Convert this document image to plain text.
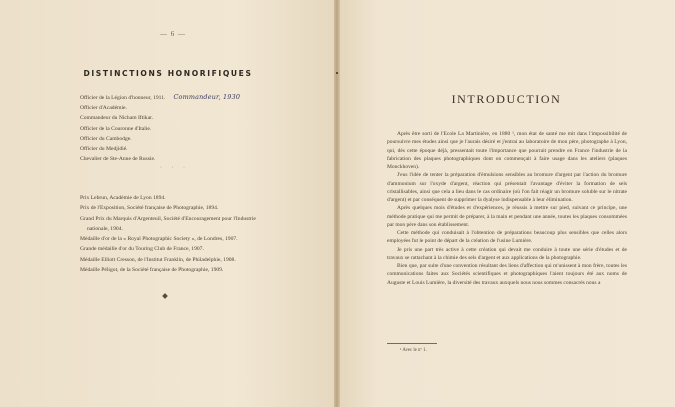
— 6 —
DISTINCTIONS HONORIFIQUES
Officier de la Légion d'honneur, 1911. Commandeur, 1930
Officier d'Académie.
Commandeur du Nicham Iftikar.
Officier de la Couronne d'Italie.
Officier du Cambodge.
Officier du Medjidié.
Chevalier de Ste-Anne de Russie.
· · ·
Prix Lebrun, Académie de Lyon 1894.
Prix de l'Exposition, Société française de Photographie, 1894.
Grand Prix du Marquis d'Argenteuil, Société d'Encouragement pour l'Industrie
nationale, 1904.
Médaille d'or de la « Royal Photographic Society », de Londres, 1907.
Grande médaille d'or du Touring Club de France, 1907.
Médaille Elliott Cresson, de l'Institut Franklin, de Philadelphie, 1908.
Médaille Péligot, de la Société française de Photographie, 1909.
INTRODUCTION

Après être sorti de l'Ecole La Martinière, en 1880 ¹, mon état de santé me mit dans l'impossibilité de poursuivre mes études ainsi que je l'aurais désiré et j'entrai au laboratoire de mon père, photographe à Lyon, qui, dès cette époque déjà, pressentait toute l'importance que pourrait prendre en France l'industrie de la fabrication des plaques photographiques dont on commençait à faire usage dans les ateliers (plaques Monckhoven).

J'eus l'idée de tenter la préparation d'émulsions sensibles au bromure d'argent par l'action du bromure d'ammonium sur l'oxyde d'argent, réaction qui présentait l'avantage d'éviter la formation de sels cristallisables, ainsi que cela a lieu dans le cas ordinaire (où l'on fait réagir un bromure soluble sur le nitrate d'argent) et par conséquent de supprimer la dyalyse indispensable à leur élimination.

Après quelques mois d'études et d'expériences, je réussis à mettre sur pied, suivant ce principe, une méthode pratique qui me permit de préparer, à la main et pendant une année, toutes les plaques consommées par mon père dans son établissement.

Cette méthode qui conduisait à l'obtention de préparations beaucoup plus sensibles que celles alors employées fut le point de départ de la création de l'usine Lumière.

Je pris une part très active à cette création qui devait me conduire à toute une série d'études et de travaux se rattachant à la chimie des sels d'argent et aux applications de la photographie.

Bien que, par suite d'une convention résultant des liens d'affection qui m'unissent à mon frère, toutes les communications faites aux Sociétés scientifiques et photographiques l'aient toujours été aux noms de Auguste et Louis Lumière, la diversité des travaux auxquels nous nous sommes consacrés nous a

¹ Avec le nº 1.
